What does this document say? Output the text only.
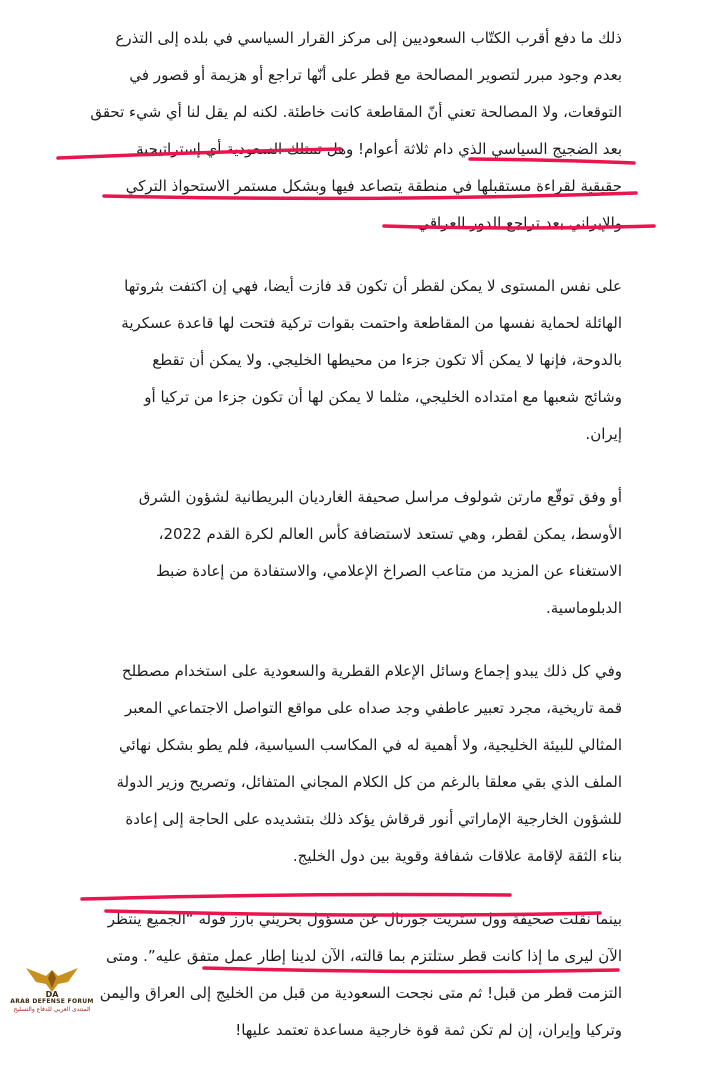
ذلك ما دفع أقرب الكتّاب السعوديين إلى مركز القرار السياسي في بلده إلى التذرع
بعدم وجود مبرر لتصوير المصالحة مع قطر على أنّها تراجع أو هزيمة أو قصور في
التوقعات، ولا المصالحة تعني أنّ المقاطعة كانت خاطئة. لكنه لم يقل لنا أي شيء تحقق
بعد الضجيج السياسي الذي دام ثلاثة أعوام! وهل تمتلك السعودية أي إستراتيجية
حقيقية لقراءة مستقبلها في منطقة يتصاعد فيها وبشكل مستمر الاستحواذ التركي
والإيراني بعد تراجع الدور العراقي.
على نفس المستوى لا يمكن لقطر أن تكون قد فازت أيضا، فهي إن اكتفت بثروتها
الهائلة لحماية نفسها من المقاطعة واحتمت بقوات تركية فتحت لها قاعدة عسكرية
بالدوحة، فإنها لا يمكن ألا تكون جزءا من محيطها الخليجي. ولا يمكن أن تقطع
وشائج شعبها مع امتداده الخليجي، مثلما لا يمكن لها أن تكون جزءا من تركيا أو
إيران.
أو وفق توقّع مارتن شولوف مراسل صحيفة الغارديان البريطانية لشؤون الشرق
الأوسط، يمكن لقطر، وهي تستعد لاستضافة كأس العالم لكرة القدم 2022،
الاستغناء عن المزيد من متاعب الصراخ الإعلامي، والاستفادة من إعادة ضبط
الدبلوماسية.
وفي كل ذلك يبدو إجماع وسائل الإعلام القطرية والسعودية على استخدام مصطلح
قمة تاريخية، مجرد تعبير عاطفي وجد صداه على مواقع التواصل الاجتماعي المعبر
المثالي للبيئة الخليجية، ولا أهمية له في المكاسب السياسية، فلم يطو بشكل نهائي
الملف الذي بقي معلقا بالرغم من كل الكلام المجاني المتفائل، وتصريح وزير الدولة
للشؤون الخارجية الإماراتي أنور قرقاش يؤكد ذلك بتشديده على الحاجة إلى إعادة
بناء الثقة لإقامة علاقات شفافة وقوية بين دول الخليج.
بينما نقلت صحيفة وول ستريت جورنال عن مسؤول بحريني بارز قوله “الجميع ينتظر
الآن ليرى ما إذا كانت قطر ستلتزم بما قالته، الآن لدينا إطار عمل متفق عليه”. ومتى
التزمت قطر من قبل! ثم متى نجحت السعودية من قبل من الخليج إلى العراق واليمن
وتركيا وإيران، إن لم تكن ثمة قوة خارجية مساعدة تعتمد عليها!
DA
ARAB DEFENSE FORUM
المنتدى العربي للدفاع والتسليح
